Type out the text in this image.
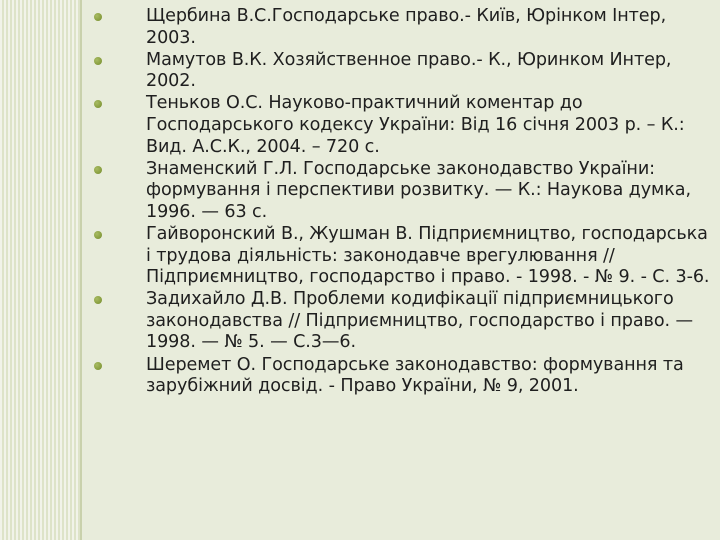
Щербина В.С.Господарське право.- Київ, Юрінком Інтер, 2003.
Мамутов В.К. Хозяйственное право.- К., Юринком Интер, 2002.
Теньков О.С. Науково-практичний коментар до Господарського кодексу України: Від 16 січня 2003 р. – К.: Вид. А.С.К., 2004. – 720 с.
Знаменский Г.Л. Господарське законодавство України: формування і перспективи розвитку. — К.: Наукова думка, 1996. — 63 с.
Гайворонский В., Жушман В. Підприємництво, господарська і трудова діяльність: законодавче врегулювання //Підприємництво, господарство і право. - 1998. - № 9. - С. 3-6.
Задихайло Д.В. Проблеми кодифікації підприємницького законодавства // Підприємництво, господарство і право. — 1998. — № 5. — С.3—6.
Шеремет О. Господарське законодавство: формування та зарубіжний досвід. - Право України, № 9, 2001.
